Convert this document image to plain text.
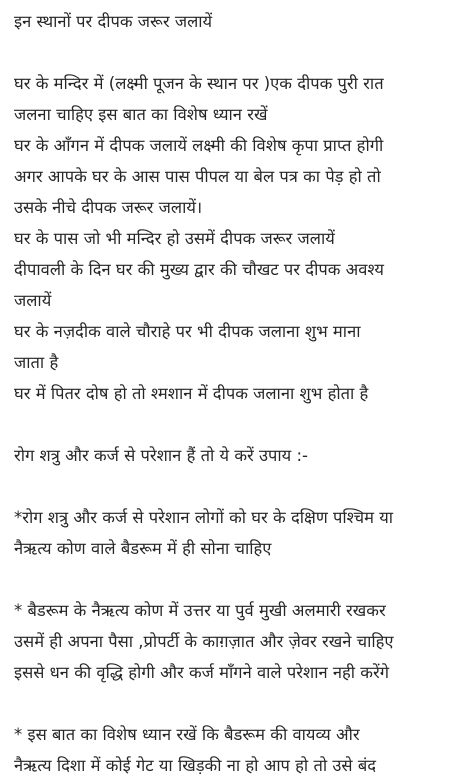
इन स्थानों पर दीपक जरूर जलायें
घर के मन्दिर में (लक्ष्मी पूजन के स्थान पर )एक दीपक पुरी रात
जलना चाहिए इस बात का विशेष ध्यान रखें
घर के आँगन में दीपक जलायें लक्ष्मी की विशेष कृपा प्राप्त होगी
अगर आपके घर के आस पास पीपल या बेल पत्र का पेड़ हो तो
उसके नीचे दीपक जरूर जलायें।
घर के पास जो भी मन्दिर हो उसमें दीपक जरूर जलायें
दीपावली के दिन घर की मुख्य द्वार की चौखट पर दीपक अवश्य
जलायें
घर के नज़दीक वाले चौराहे पर भी दीपक जलाना शुभ माना
जाता है
घर में पितर दोष हो तो श्मशान में दीपक जलाना शुभ होता है
रोग शत्रु और कर्ज से परेशान हैं तो ये करें उपाय :-
*रोग शत्रु और कर्ज से परेशान लोगों को घर के दक्षिण पश्चिम या
नैऋत्य कोण वाले बैडरूम में ही सोना चाहिए
* बैडरूम के नैऋत्य कोण में उत्तर या पुर्व मुखी अलमारी रखकर
उसमें ही अपना पैसा ,प्रोपर्टी के काग़ज़ात और ज़ेवर रखने चाहिए
इससे धन की वृद्धि होगी और कर्ज माँगने वाले परेशान नही करेंगे
* इस बात का विशेष ध्यान रखें कि बैडरूम की वायव्य और
नैऋत्य दिशा में कोई गेट या खिड़की ना हो आप हो तो उसे बंद
